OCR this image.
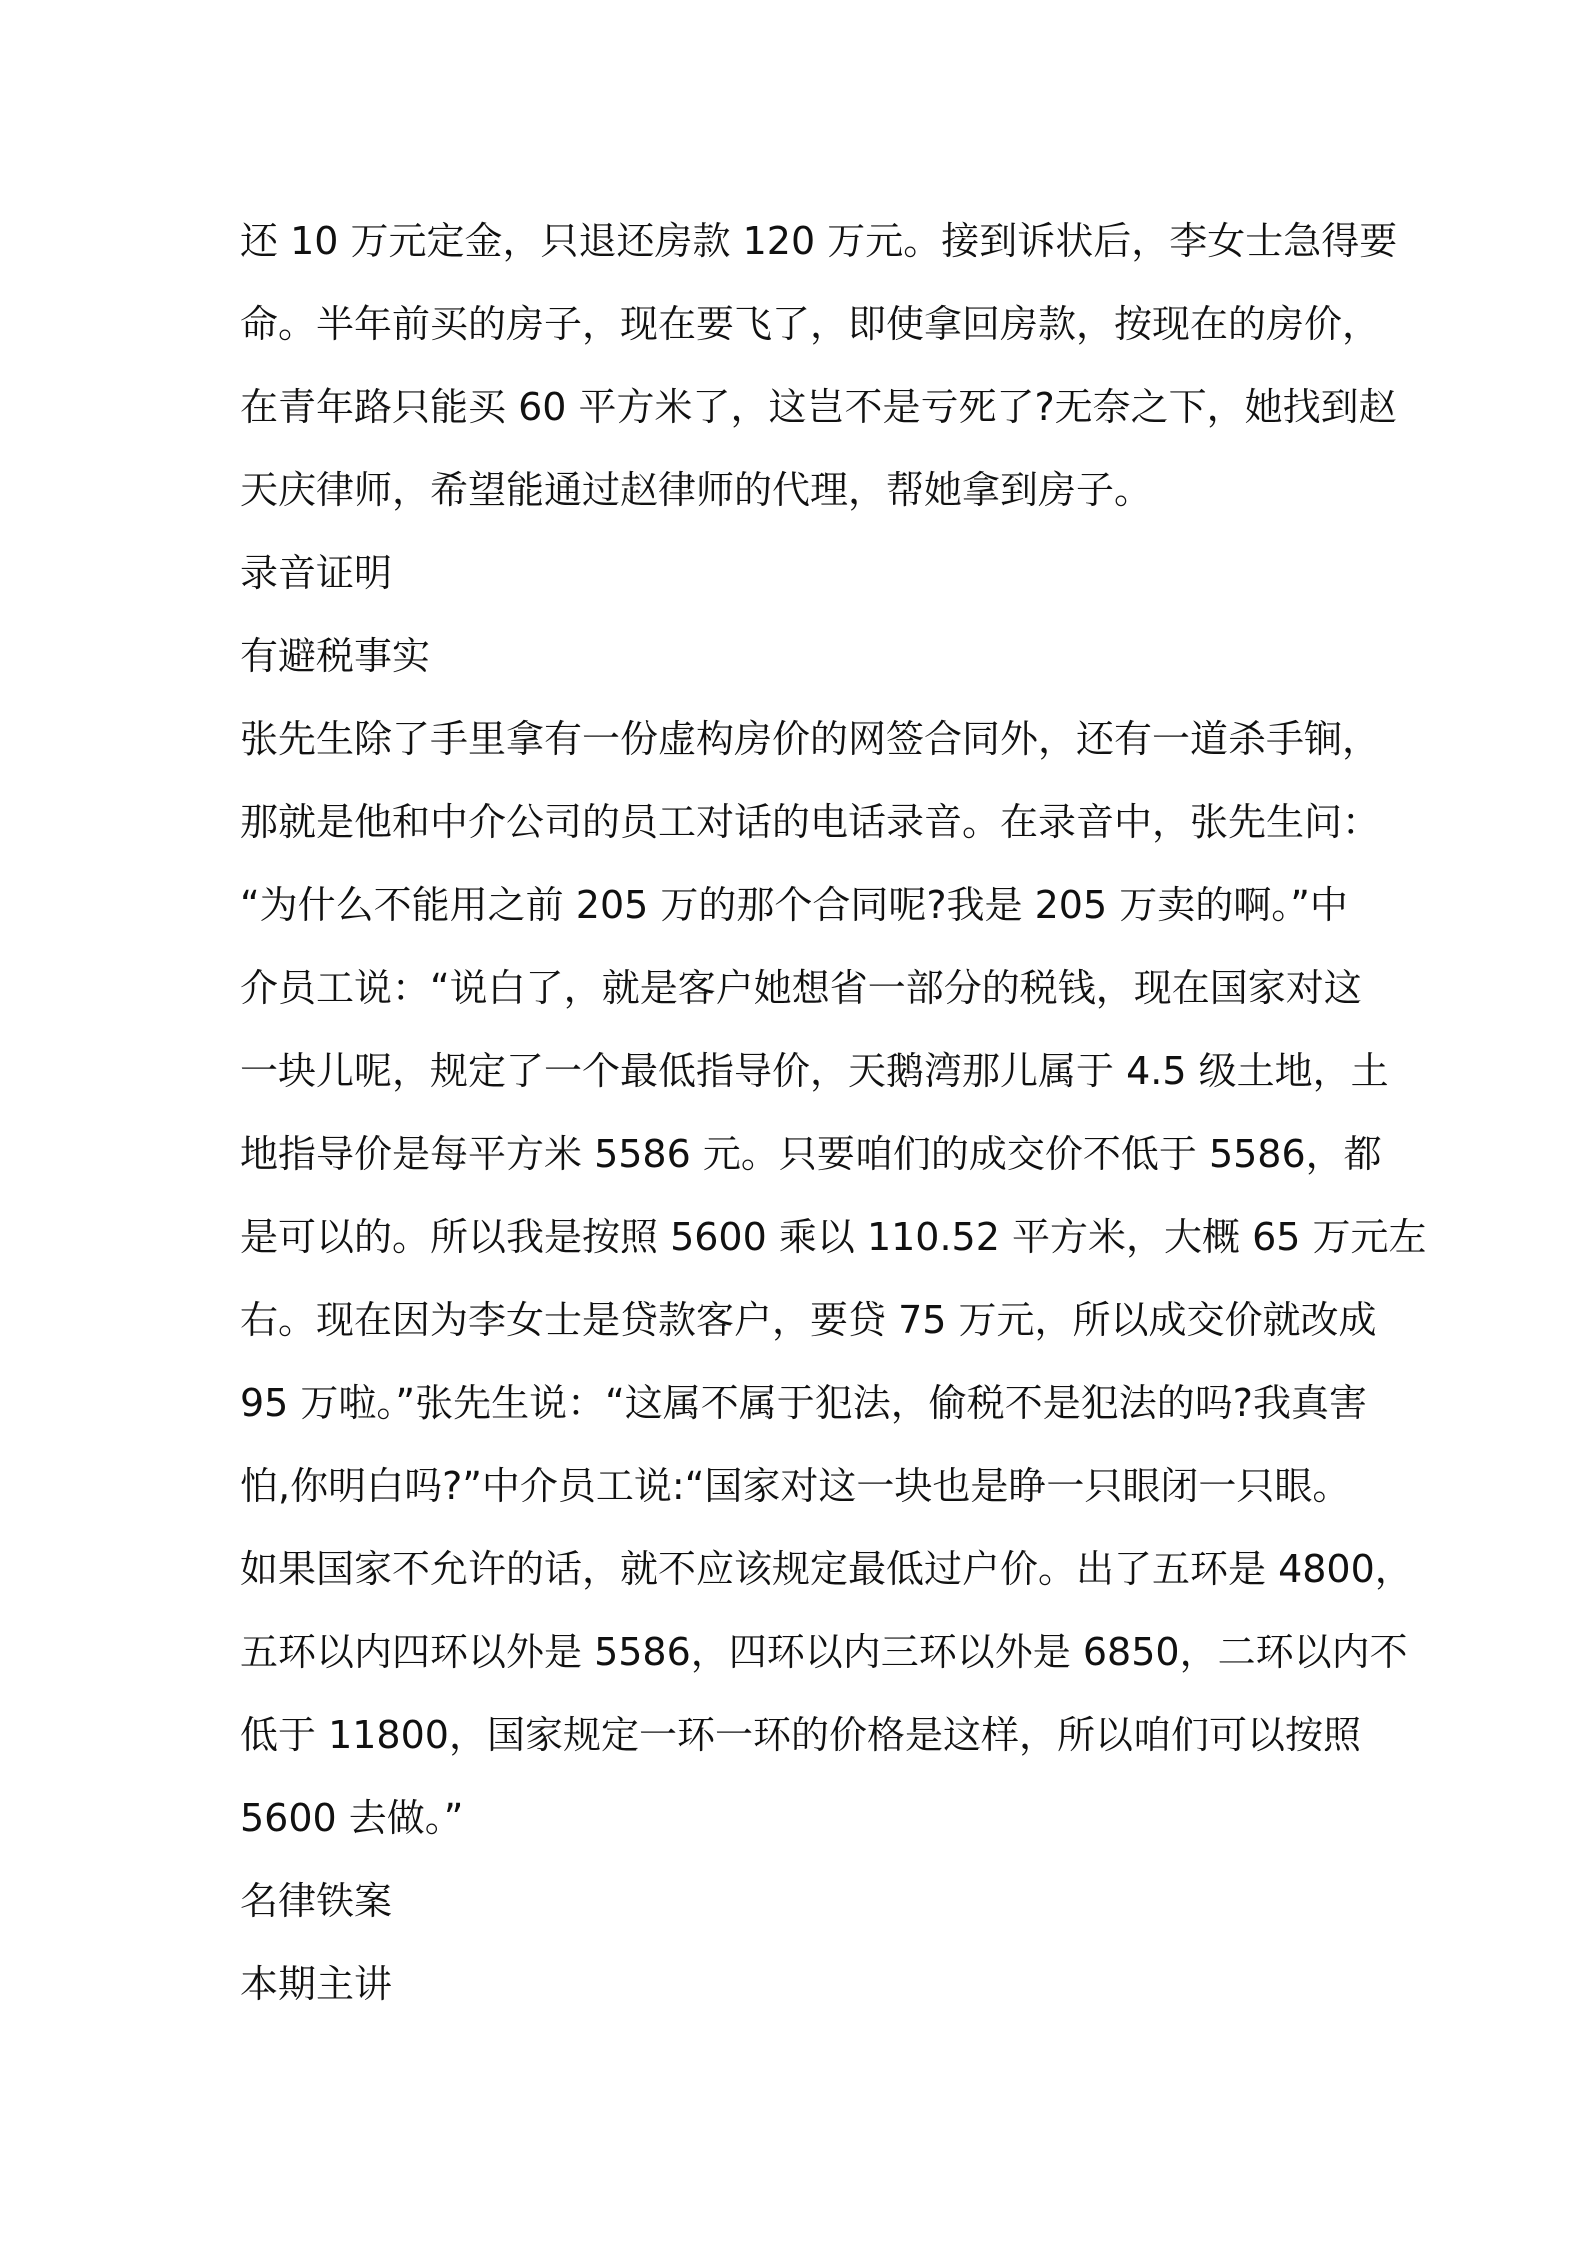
还 10 万元定金，只退还房款 120 万元。接到诉状后，李女士急得要
命。半年前买的房子，现在要飞了，即使拿回房款，按现在的房价，
在青年路只能买 60 平方米了，这岂不是亏死了?无奈之下，她找到赵
天庆律师，希望能通过赵律师的代理，帮她拿到房子。
录音证明
有避税事实
张先生除了手里拿有一份虚构房价的网签合同外，还有一道杀手锏，
那就是他和中介公司的员工对话的电话录音。在录音中，张先生问：
“为什么不能用之前 205 万的那个合同呢?我是 205 万卖的啊。”中
介员工说：“说白了，就是客户她想省一部分的税钱，现在国家对这
一块儿呢，规定了一个最低指导价，天鹅湾那儿属于 4.5 级土地，土
地指导价是每平方米 5586 元。只要咱们的成交价不低于 5586，都
是可以的。所以我是按照 5600 乘以 110.52 平方米，大概 65 万元左
右。现在因为李女士是贷款客户，要贷 75 万元，所以成交价就改成
95 万啦。”张先生说：“这属不属于犯法，偷税不是犯法的吗?我真害
怕,你明白吗?”中介员工说:“国家对这一块也是睁一只眼闭一只眼。
如果国家不允许的话，就不应该规定最低过户价。出了五环是 4800，
五环以内四环以外是 5586，四环以内三环以外是 6850，二环以内不
低于 11800，国家规定一环一环的价格是这样，所以咱们可以按照
5600 去做。”
名律铁案
本期主讲
